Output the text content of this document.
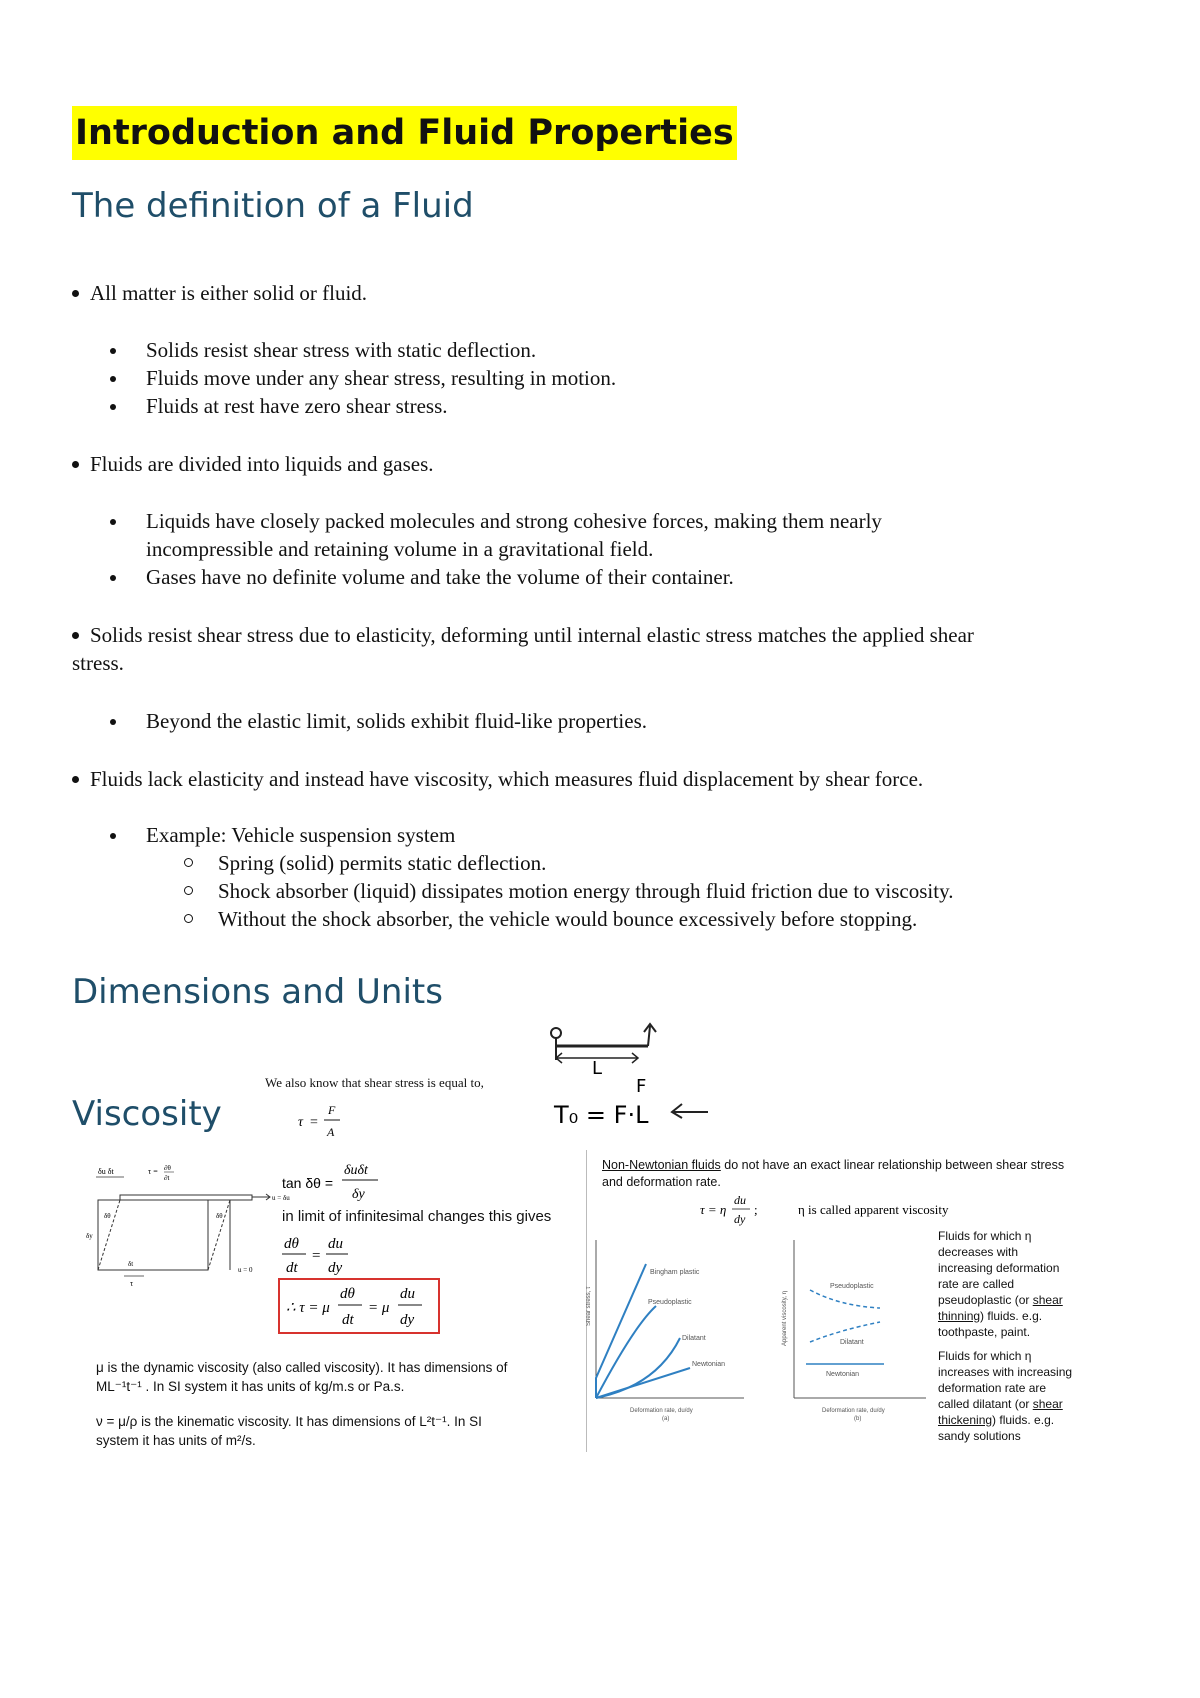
Introduction and Fluid Properties
The definition of a Fluid
All matter is either solid or fluid.
Solids resist shear stress with static deflection.
Fluids move under any shear stress, resulting in motion.
Fluids at rest have zero shear stress.
Fluids are divided into liquids and gases.
Liquids have closely packed molecules and strong cohesive forces, making them nearly
incompressible and retaining volume in a gravitational field.
Gases have no definite volume and take the volume of their container.
Solids resist shear stress due to elasticity, deforming until internal elastic stress matches the applied shear
stress.
Beyond the elastic limit, solids exhibit fluid-like properties.
Fluids lack elasticity and instead have viscosity, which measures fluid displacement by shear force.
Example: Vehicle suspension system
Spring (solid) permits static deflection.
Shock absorber (liquid) dissipates motion energy through fluid friction due to viscosity.
Without the shock absorber, the vehicle would bounce excessively before stopping.
Dimensions and Units
Viscosity
L
F
T₀ = F·L
We also know that shear stress is equal to,
τ =
F
A
δu δt	τ = ∂θ
∂t
u = δu
δy
δθ	δθ
u = 0
δt
τ
tan δθ =
δuδt
δy
in limit of infinitesimal changes this gives
dθ
dt
=
du
dy
∴ τ = μ
dθ
dt
= μ
du
dy
μ is the dynamic viscosity (also called viscosity). It has dimensions of
ML⁻¹t⁻¹ . In SI system it has units of kg/m.s or Pa.s.
ν = μ/ρ is the kinematic viscosity. It has dimensions of L²t⁻¹. In SI
system it has units of m²/s.
Non-Newtonian fluids do not have an exact linear relationship between shear stress
and deformation rate.
τ = η
du
dy
;	η is called apparent viscosity
Bingham plastic
Pseudoplastic
Dilatant
Newtonian
Shear stress, τ
Deformation rate, du/dy
(a)
Pseudoplastic
Dilatant
Newtonian
Apparent viscosity, η
Deformation rate, du/dy
(b)
Fluids for which η
decreases with
increasing deformation
rate are called
pseudoplastic (or shear
thinning) fluids. e.g.
toothpaste, paint.
Fluids for which η
increases with increasing
deformation rate are
called dilatant (or shear
thickening) fluids. e.g.
sandy solutions
